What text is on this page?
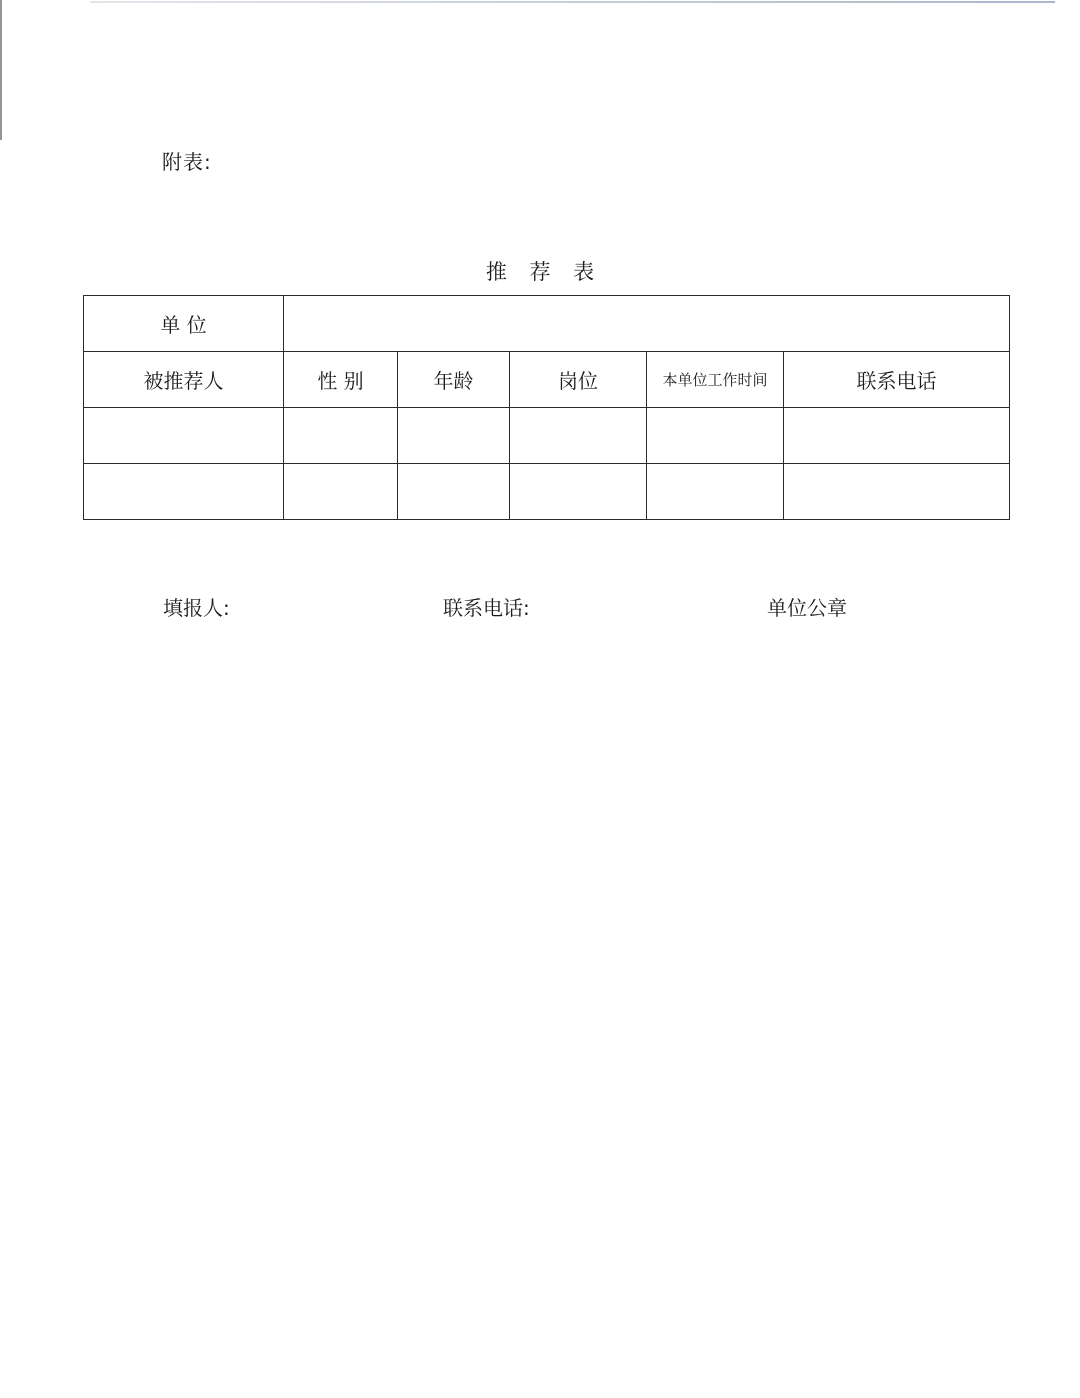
附表:
推 荐 表
单 位					
被推荐人	性 别	年龄	岗位	本单位工作时间	联系电话

填报人:	联系电话:	单位公章
